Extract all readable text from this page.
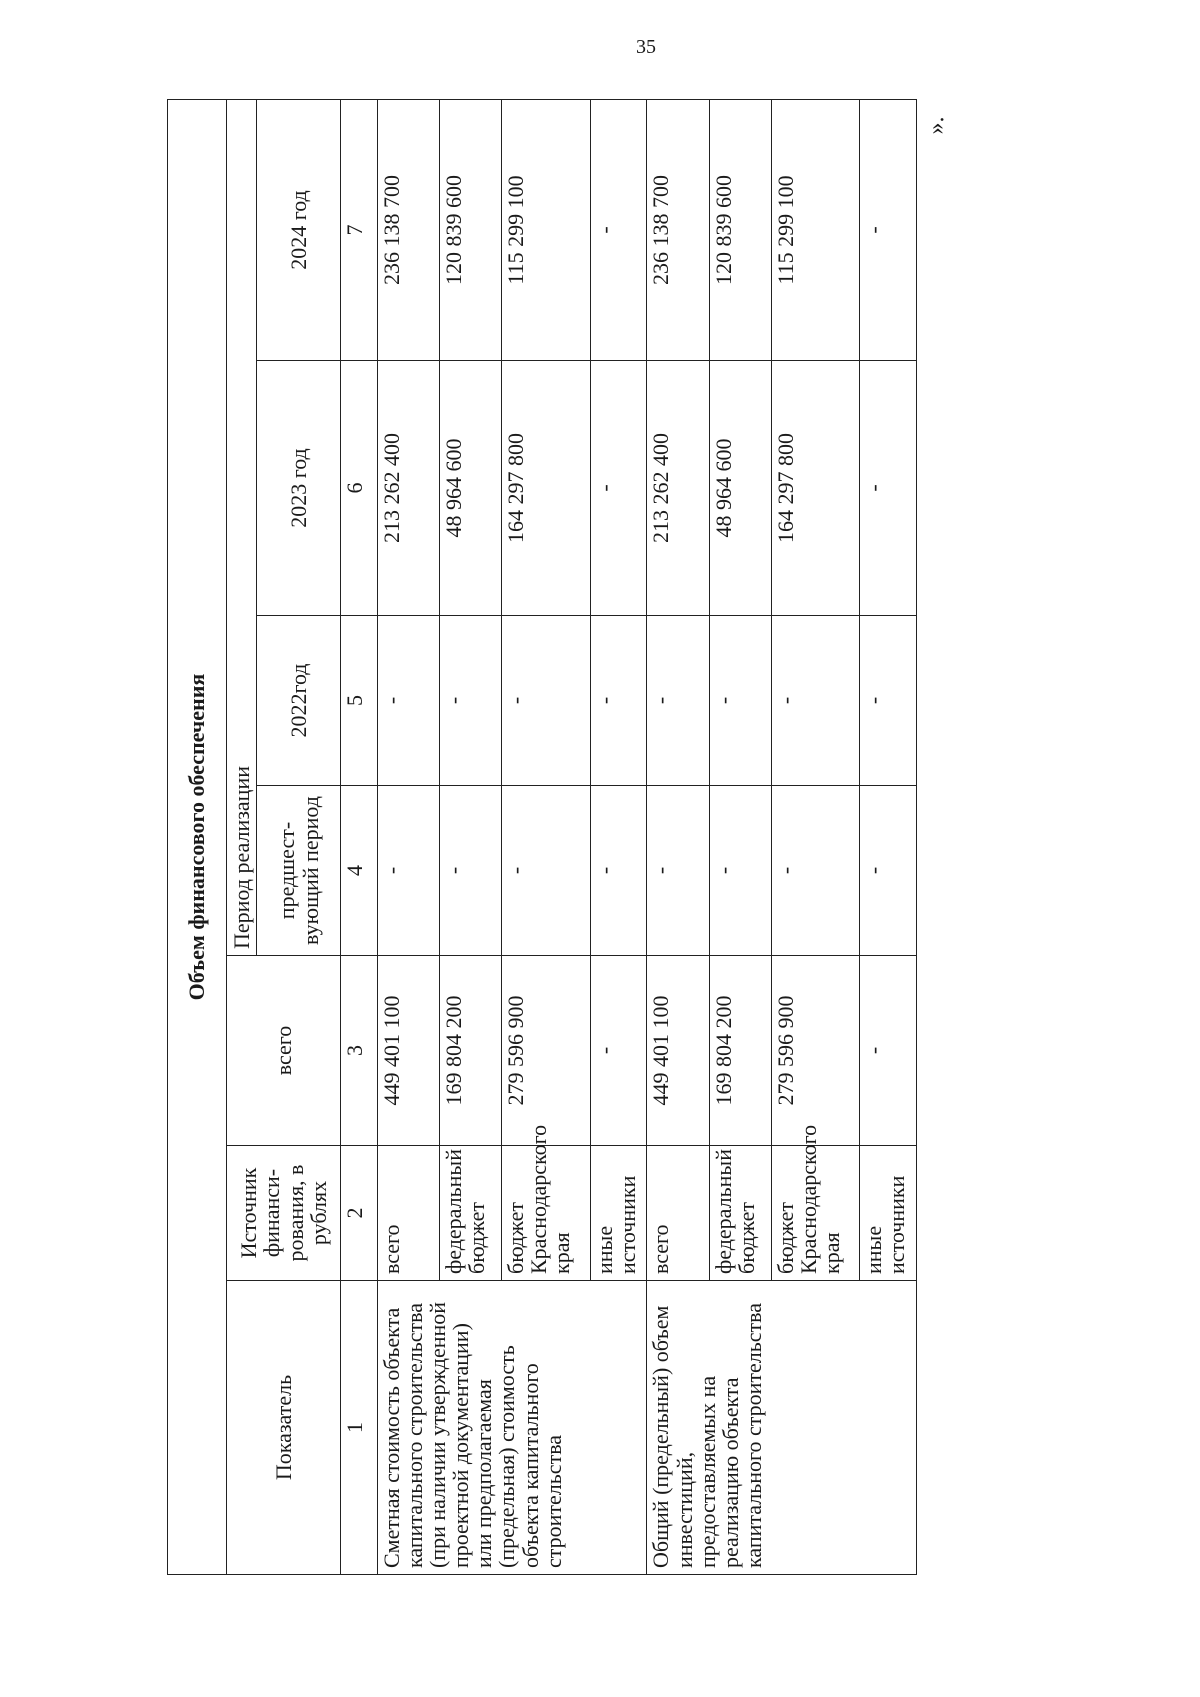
35
».
Объем финансового обеспечения						
Показатель	Источник финанси-рования, в рублях	всего	Период реализации			
			предшест-вующий период	2022год	2023 год	2024 год
1	2	3	4	5	6	7
Сметная стоимость объекта капитального строительства (при наличии утвержденной проектной документации) или предполагаемая (предельная) стоимость объекта капитального строительства	всего	449 401 100	-	-	213 262 400	236 138 700
	федеральный бюджет	169 804 200	-	-	48 964 600	120 839 600
	бюджет Краснодарского края	279 596 900	-	-	164 297 800	115 299 100
	иные источники	-	-	-	-	-
Общий (предельный) объем инвестиций, предоставляемых на реализацию объекта капитального строительства	всего	449 401 100	-	-	213 262 400	236 138 700
	федеральный бюджет	169 804 200	-	-	48 964 600	120 839 600
	бюджет Краснодарского края	279 596 900	-	-	164 297 800	115 299 100
	иные источники	-	-	-	-	-
